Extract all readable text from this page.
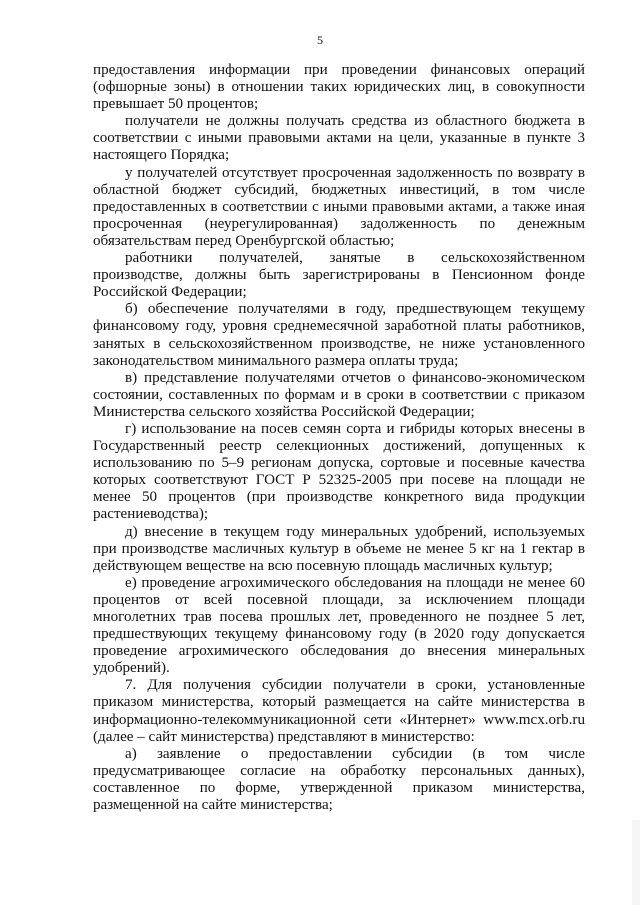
5

предоставления информации при проведении финансовых операций (офшорные зоны) в отношении таких юридических лиц, в совокупности превышает 50 процентов;

получатели не должны получать средства из областного бюджета в соответствии с иными правовыми актами на цели, указанные в пункте 3 настоящего Порядка;

у получателей отсутствует просроченная задолженность по возврату в областной бюджет субсидий, бюджетных инвестиций, в том числе предоставленных в соответствии с иными правовыми актами, а также иная просроченная (неурегулированная) задолженность по денежным обязательствам перед Оренбургской областью;

работники получателей, занятые в сельскохозяйственном производстве, должны быть зарегистрированы в Пенсионном фонде Российской Федерации;

б) обеспечение получателями в году, предшествующем текущему финансовому году, уровня среднемесячной заработной платы работников, занятых в сельскохозяйственном производстве, не ниже установленного законодательством минимального размера оплаты труда;

в) представление получателями отчетов о финансово-экономическом состоянии, составленных по формам и в сроки в соответствии с приказом Министерства сельского хозяйства Российской Федерации;

г) использование на посев семян сорта и гибриды которых внесены в Государственный реестр селекционных достижений, допущенных к использованию по 5–9 регионам допуска, сортовые и посевные качества которых соответствуют ГОСТ Р 52325-2005 при посеве на площади не менее 50 процентов (при производстве конкретного вида продукции растениеводства);

д) внесение в текущем году минеральных удобрений, используемых при производстве масличных культур в объеме не менее 5 кг на 1 гектар в действующем веществе на всю посевную площадь масличных культур;

е) проведение агрохимического обследования на площади не менее 60 процентов от всей посевной площади, за исключением площади многолетних трав посева прошлых лет, проведенного не позднее 5 лет, предшествующих текущему финансовому году (в 2020 году допускается проведение агрохимического обследования до внесения минеральных удобрений).

7. Для получения субсидии получатели в сроки, установленные приказом министерства, который размещается на сайте министерства в информационно-телекоммуникационной сети «Интернет» www.mcx.orb.ru (далее – сайт министерства) представляют в министерство:

а) заявление о предоставлении субсидии (в том числе предусматривающее согласие на обработку персональных данных), составленное по форме, утвержденной приказом министерства, размещенной на сайте министерства;
